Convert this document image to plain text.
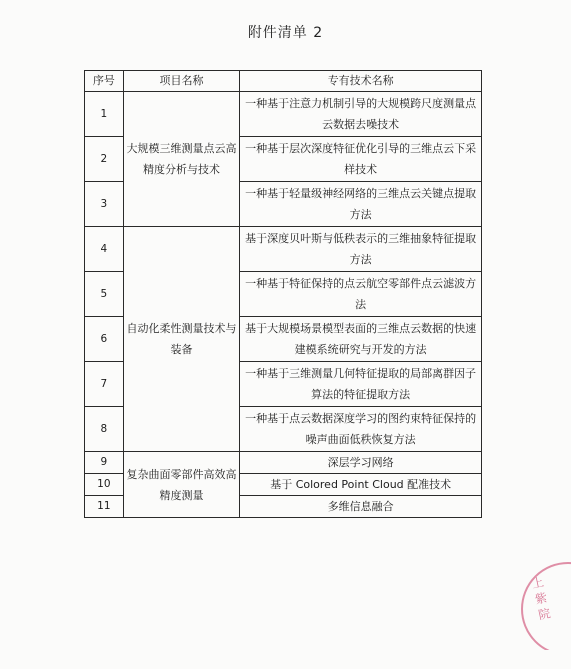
附件清单 2
序号	项目名称	专有技术名称
1	大规模三维测量点云高精度分析与技术	一种基于注意力机制引导的大规模跨尺度测量点云数据去噪技术
2		一种基于层次深度特征优化引导的三维点云下采样技术
3		一种基于轻量级神经网络的三维点云关键点提取方法
4	自动化柔性测量技术与装备	基于深度贝叶斯与低秩表示的三维抽象特征提取方法
5		一种基于特征保持的点云航空零部件点云滤波方法
6		基于大规模场景模型表面的三维点云数据的快速建模系统研究与开发的方法
7		一种基于三维测量几何特征提取的局部离群因子算法的特征提取方法
8		一种基于点云数据深度学习的图约束特征保持的噪声曲面低秩恢复方法
9	复杂曲面零部件高效高精度测量	深层学习网络
10		基于 Colored Point Cloud 配准技术
11		多维信息融合
上 紫 院
